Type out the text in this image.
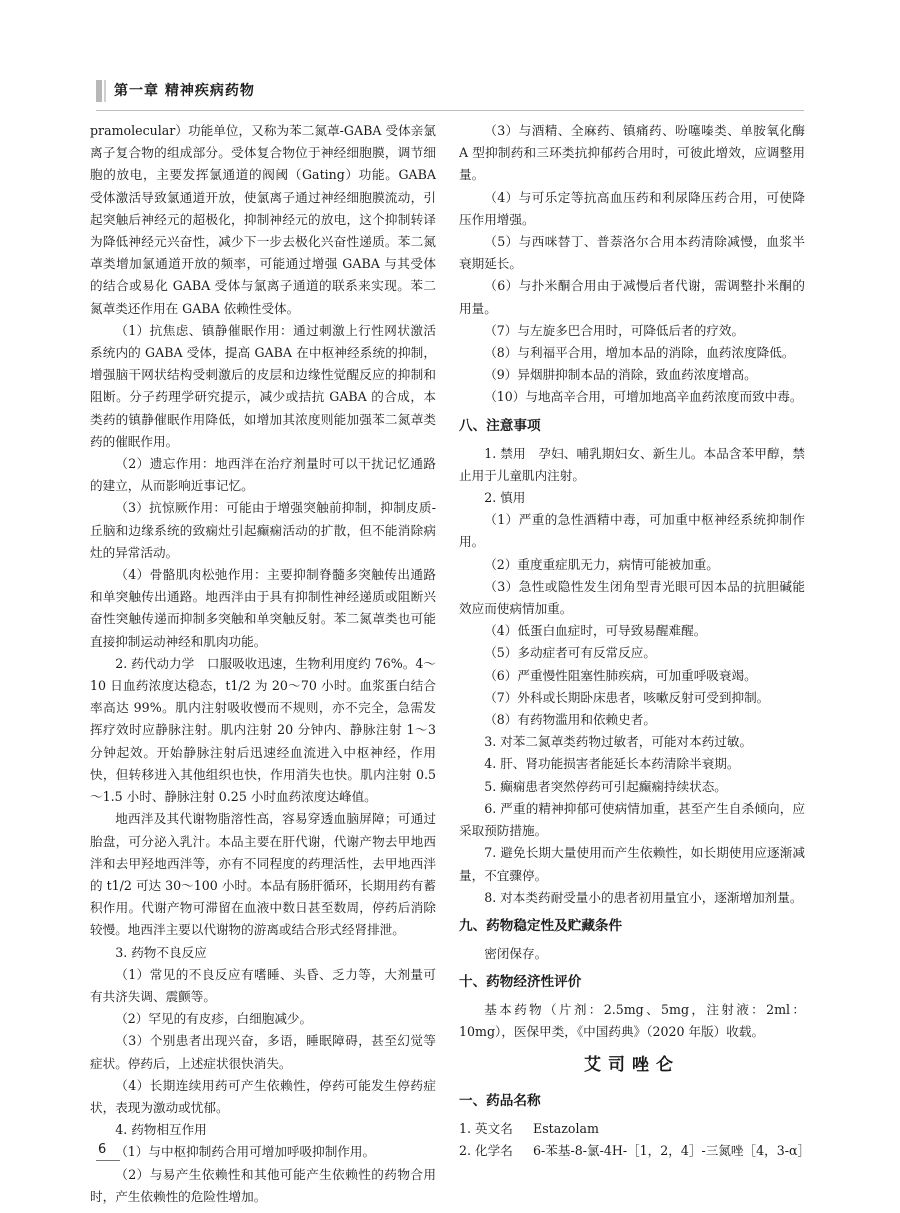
第一章 精神疾病药物

pramolecular）功能单位，又称为苯二氮䓬-GABA 受体亲氯离子复合物的组成部分。受体复合物位于神经细胞膜，调节细胞的放电，主要发挥氯通道的阀阈（Gating）功能。GABA 受体激活导致氯通道开放，使氯离子通过神经细胞膜流动，引起突触后神经元的超极化，抑制神经元的放电，这个抑制转译为降低神经元兴奋性，减少下一步去极化兴奋性递质。苯二氮䓬类增加氯通道开放的频率，可能通过增强 GABA 与其受体的结合或易化 GABA 受体与氯离子通道的联系来实现。苯二氮䓬类还作用在 GABA 依赖性受体。

（1）抗焦虑、镇静催眠作用：通过刺激上行性网状激活系统内的 GABA 受体，提高 GABA 在中枢神经系统的抑制，增强脑干网状结构受刺激后的皮层和边缘性觉醒反应的抑制和阻断。分子药理学研究提示，减少或拮抗 GABA 的合成，本类药的镇静催眠作用降低，如增加其浓度则能加强苯二氮䓬类药的催眠作用。

（2）遗忘作用：地西泮在治疗剂量时可以干扰记忆通路的建立，从而影响近事记忆。

（3）抗惊厥作用：可能由于增强突触前抑制，抑制皮质-丘脑和边缘系统的致痫灶引起癫痫活动的扩散，但不能消除病灶的异常活动。

（4）骨骼肌肉松弛作用：主要抑制脊髓多突触传出通路和单突触传出通路。地西泮由于具有抑制性神经递质或阻断兴奋性突触传递而抑制多突触和单突触反射。苯二氮䓬类也可能直接抑制运动神经和肌肉功能。

2. 药代动力学　口服吸收迅速，生物利用度约 76%。4～10 日血药浓度达稳态，t1/2 为 20～70 小时。血浆蛋白结合率高达 99%。肌内注射吸收慢而不规则，亦不完全，急需发挥疗效时应静脉注射。肌内注射 20 分钟内、静脉注射 1～3 分钟起效。开始静脉注射后迅速经血流进入中枢神经，作用快，但转移进入其他组织也快，作用消失也快。肌内注射 0.5～1.5 小时、静脉注射 0.25 小时血药浓度达峰值。

地西泮及其代谢物脂溶性高，容易穿透血脑屏障；可通过胎盘，可分泌入乳汁。本品主要在肝代谢，代谢产物去甲地西泮和去甲羟地西泮等，亦有不同程度的药理活性，去甲地西泮的 t1/2 可达 30～100 小时。本品有肠肝循环，长期用药有蓄积作用。代谢产物可滞留在血液中数日甚至数周，停药后消除较慢。地西泮主要以代谢物的游离或结合形式经肾排泄。

3. 药物不良反应

（1）常见的不良反应有嗜睡、头昏、乏力等，大剂量可有共济失调、震颤等。

（2）罕见的有皮疹，白细胞减少。

（3）个别患者出现兴奋，多语，睡眠障碍，甚至幻觉等症状。停药后，上述症状很快消失。

（4）长期连续用药可产生依赖性，停药可能发生停药症状，表现为激动或忧郁。

4. 药物相互作用

（1）与中枢抑制药合用可增加呼吸抑制作用。

（2）与易产生依赖性和其他可能产生依赖性的药物合用时，产生依赖性的危险性增加。

（3）与酒精、全麻药、镇痛药、吩噻嗪类、单胺氧化酶 A 型抑制药和三环类抗抑郁药合用时，可彼此增效，应调整用量。

（4）与可乐定等抗高血压药和利尿降压药合用，可使降压作用增强。

（5）与西咪替丁、普萘洛尔合用本药清除减慢，血浆半衰期延长。

（6）与扑米酮合用由于减慢后者代谢，需调整扑米酮的用量。

（7）与左旋多巴合用时，可降低后者的疗效。

（8）与利福平合用，增加本品的消除，血药浓度降低。

（9）异烟肼抑制本品的消除，致血药浓度增高。

（10）与地高辛合用，可增加地高辛血药浓度而致中毒。

八、注意事项

1. 禁用　孕妇、哺乳期妇女、新生儿。本品含苯甲醇，禁止用于儿童肌内注射。

2. 慎用

（1）严重的急性酒精中毒，可加重中枢神经系统抑制作用。

（2）重度重症肌无力，病情可能被加重。

（3）急性或隐性发生闭角型青光眼可因本品的抗胆碱能效应而使病情加重。

（4）低蛋白血症时，可导致易醒难醒。

（5）多动症者可有反常反应。

（6）严重慢性阻塞性肺疾病，可加重呼吸衰竭。

（7）外科或长期卧床患者，咳嗽反射可受到抑制。

（8）有药物滥用和依赖史者。

3. 对苯二氮䓬类药物过敏者，可能对本药过敏。

4. 肝、肾功能损害者能延长本药清除半衰期。

5. 癫痫患者突然停药可引起癫痫持续状态。

6. 严重的精神抑郁可使病情加重，甚至产生自杀倾向，应采取预防措施。

7. 避免长期大量使用而产生依赖性，如长期使用应逐渐减量，不宜骤停。

8. 对本类药耐受量小的患者初用量宜小，逐渐增加剂量。

九、药物稳定性及贮藏条件

密闭保存。

十、药物经济性评价

基本药物（片剂：2.5mg、5mg，注射液：2ml：10mg），医保甲类，《中国药典》（2020 年版）收载。

艾司唑仑
一、药品名称
1. 英文名	Estazolam
2. 化学名	6-苯基-8-氯-4H-［1，2，4］-三氮唑［4，3-α］
6
